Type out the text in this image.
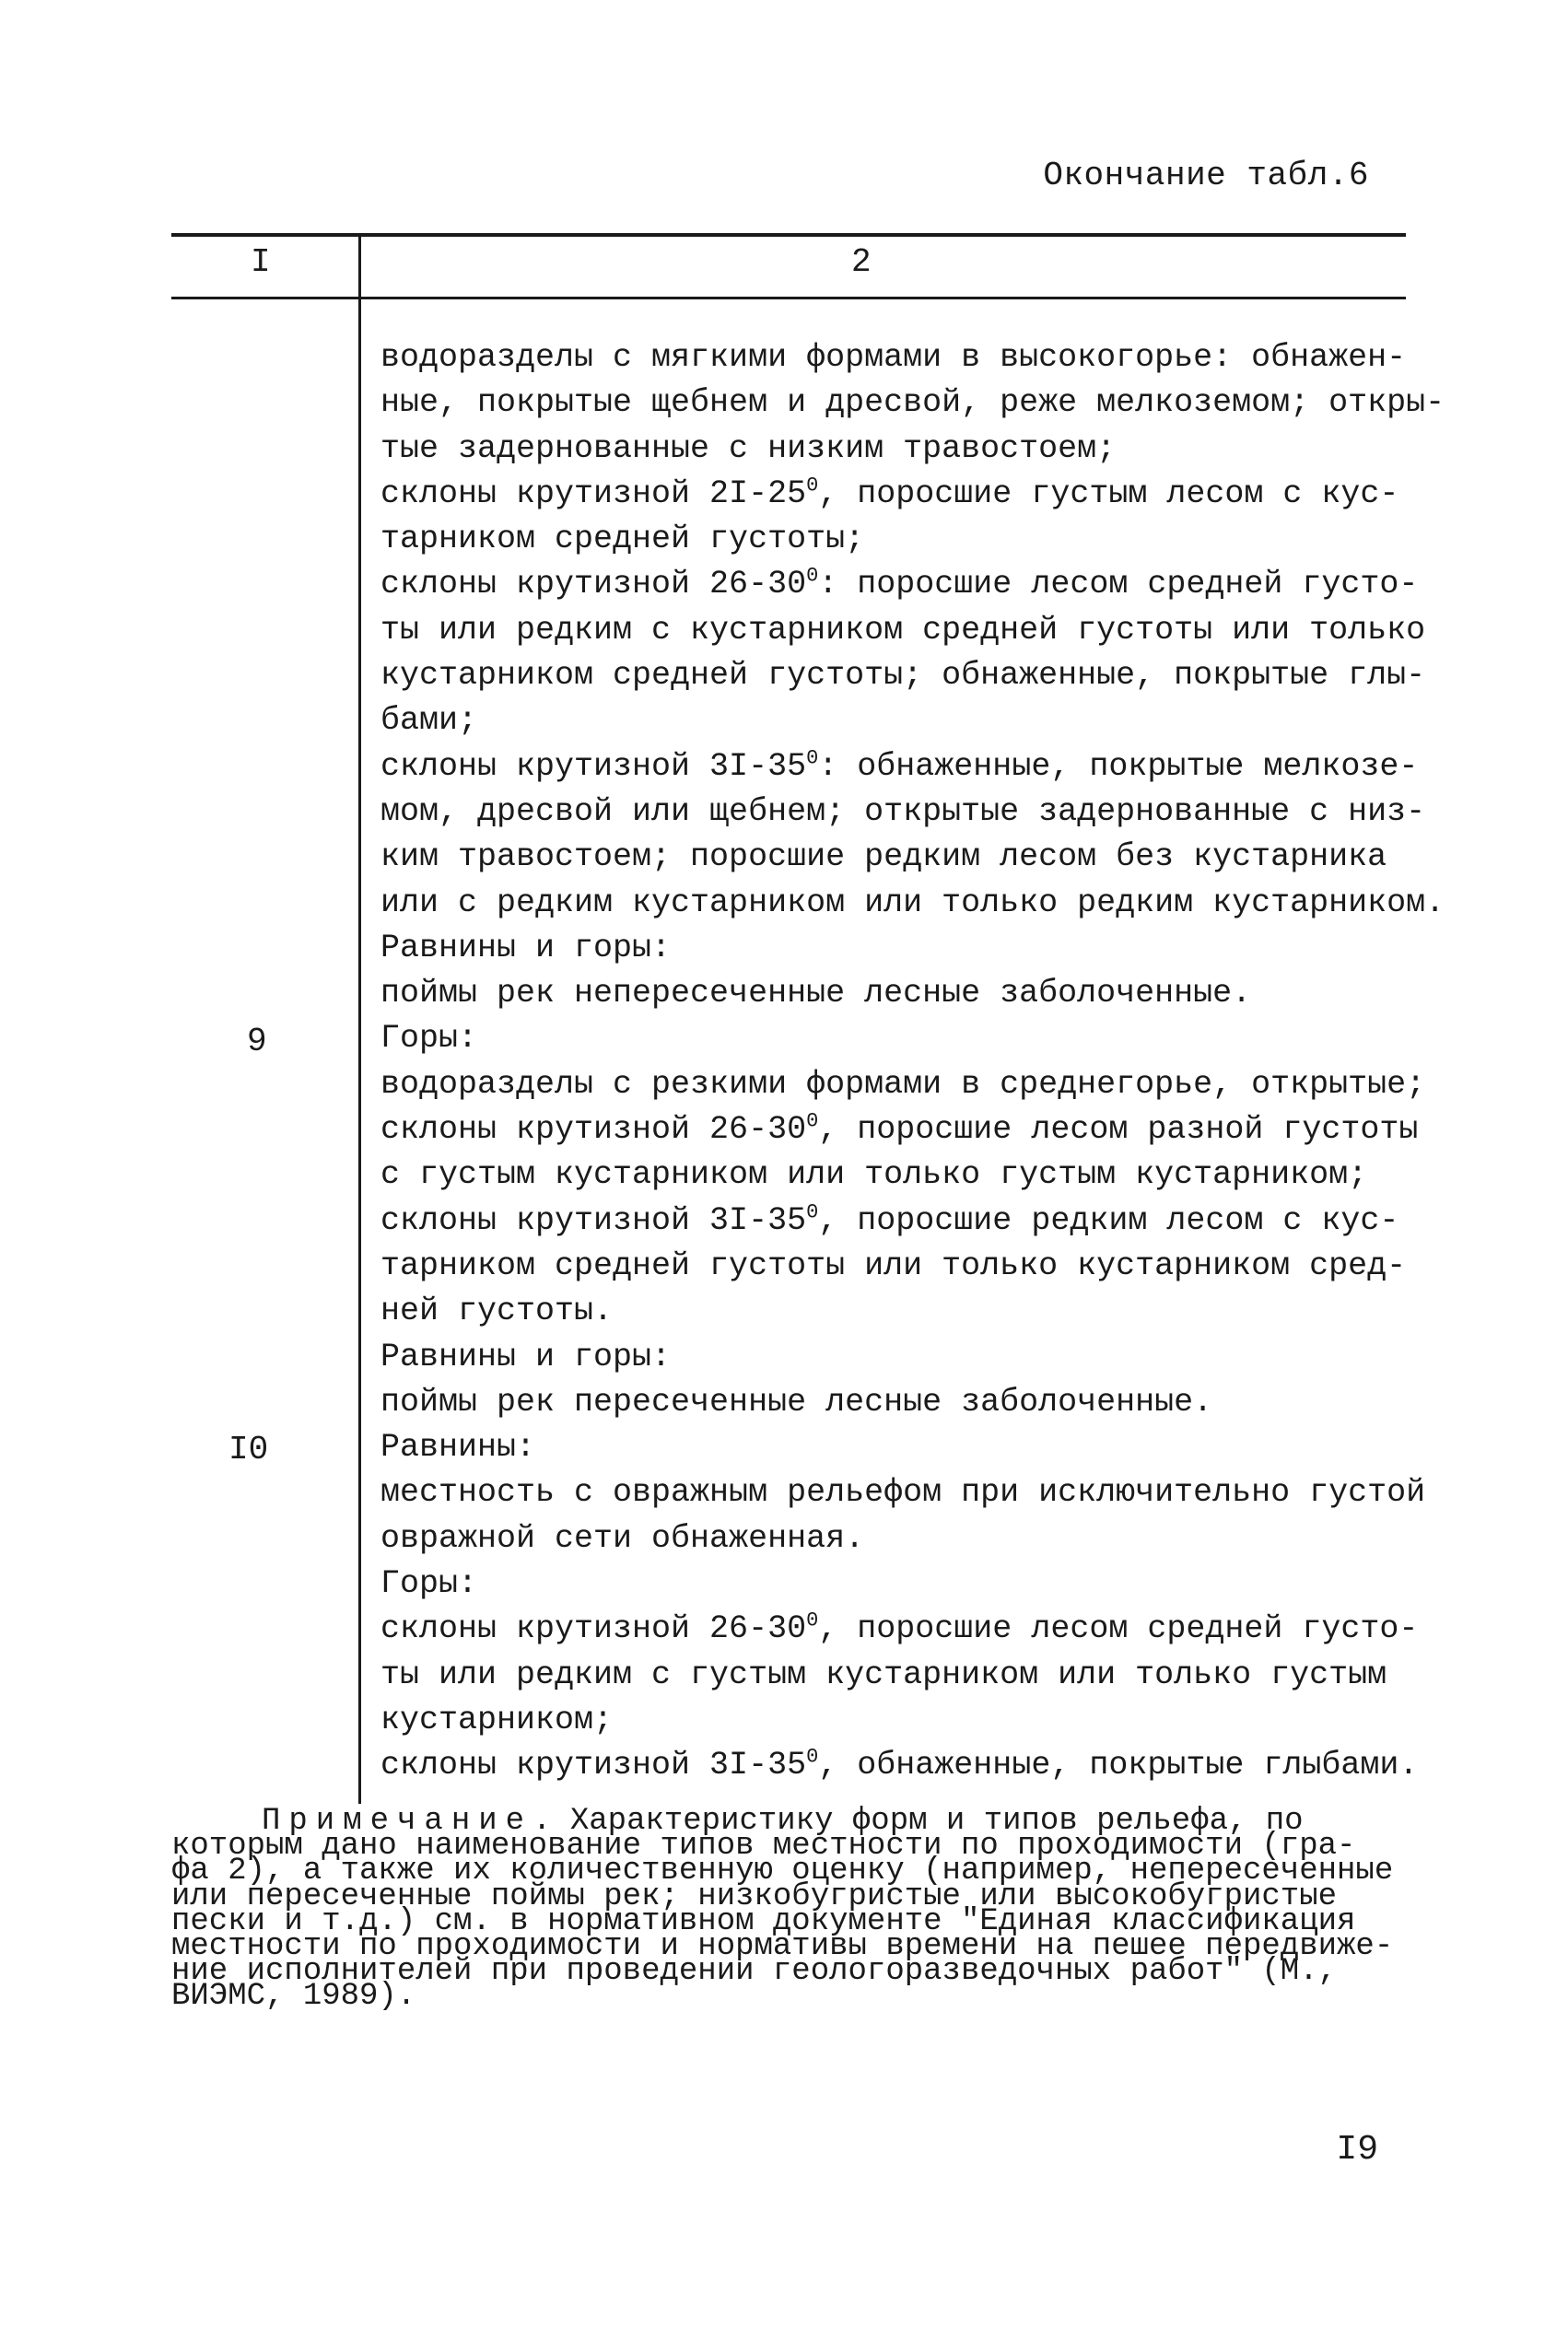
Окончание табл.6
I	2
9
I0
водоразделы с мягкими формами в высокогорье: обнажен-
ные, покрытые щебнем и дресвой, реже мелкоземом; откры-
тые задернованные с низким травостоем;
склоны крутизной $2I-25^0$, поросшие густым лесом с кус-
тарником средней густоты;
склоны крутизной $26-30^0$: поросшие лесом средней густо-
ты или редким с кустарником средней густоты или только
кустарником средней густоты; обнаженные, покрытые глы-
бами;
склоны крутизной $3I-35^0$: обнаженные, покрытые мелкозе-
мом, дресвой или щебнем; открытые задернованные с низ-
ким травостоем; поросшие редким лесом без кустарника
или с редким кустарником или только редким кустарником.
Равнины и горы:
поймы рек непересеченные лесные заболоченные.
Горы:
водоразделы с резкими формами в среднегорье, открытые;
склоны крутизной $26-30^0$, поросшие лесом разной густоты
с густым кустарником или только густым кустарником;
склоны крутизной $3I-35^0$, поросшие редким лесом с кус-
тарником средней густоты или только кустарником сред-
ней густоты.
Равнины и горы:
поймы рек пересеченные лесные заболоченные.
Равнины:
местность с овражным рельефом при исключительно густой
овражной сети обнаженная.
Горы:
склоны крутизной $26-30^0$, поросшие лесом средней густо-
ты или редким с густым кустарником или только густым
кустарником;
склоны крутизной $3I-35^0$, обнаженные, покрытые глыбами.
Примечание. Характеристику форм и типов рельефа, по
которым дано наименование типов местности по проходимости (гра-
фа 2), а также их количественную оценку (например, непересеченные
или пересеченные поймы рек; низкобугристые или высокобугристые
пески и т.д.) см. в нормативном документе "Единая классификация
местности по проходимости и нормативы времени на пешее передвиже-
ние исполнителей при проведении геологоразведочных работ" (М.,
ВИЭМС, 1989).
I9
